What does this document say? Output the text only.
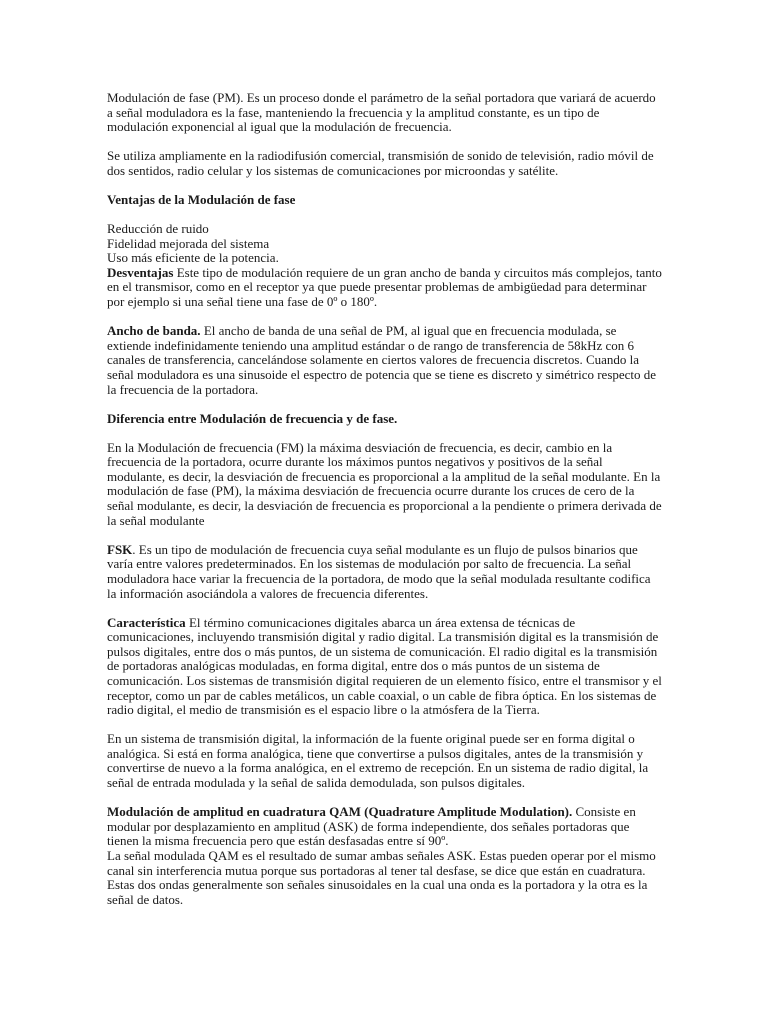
Modulación de fase (PM). Es un proceso donde el parámetro de la señal portadora que variará de acuerdo a señal moduladora es la fase, manteniendo la frecuencia y la amplitud constante, es un tipo de modulación exponencial al igual que la modulación de frecuencia.

Se utiliza ampliamente en la radiodifusión comercial, transmisión de sonido de televisión, radio móvil de dos sentidos, radio celular y los sistemas de comunicaciones por microondas y satélite.

Ventajas de la Modulación de fase

Reducción de ruido

Fidelidad mejorada del sistema

Uso más eficiente de la potencia.

Desventajas Este tipo de modulación requiere de un gran ancho de banda y circuitos más complejos, tanto en el transmisor, como en el receptor ya que puede presentar problemas de ambigüedad para determinar por ejemplo si una señal tiene una fase de 0º o 180º.

Ancho de banda. El ancho de banda de una señal de PM, al igual que en frecuencia modulada, se extiende indefinidamente teniendo una amplitud estándar o de rango de transferencia de 58kHz con 6 canales de transferencia, cancelándose solamente en ciertos valores de frecuencia discretos. Cuando la señal moduladora es una sinusoide el espectro de potencia que se tiene es discreto y simétrico respecto de la frecuencia de la portadora.

Diferencia entre Modulación de frecuencia y de fase.

En la Modulación de frecuencia (FM) la máxima desviación de frecuencia, es decir, cambio en la frecuencia de la portadora, ocurre durante los máximos puntos negativos y positivos de la señal modulante, es decir, la desviación de frecuencia es proporcional a la amplitud de la señal modulante. En la modulación de fase (PM), la máxima desviación de frecuencia ocurre durante los cruces de cero de la señal modulante, es decir, la desviación de frecuencia es proporcional a la pendiente o primera derivada de la señal modulante

FSK. Es un tipo de modulación de frecuencia cuya señal modulante es un flujo de pulsos binarios que varía entre valores predeterminados. En los sistemas de modulación por salto de frecuencia. La señal moduladora hace variar la frecuencia de la portadora, de modo que la señal modulada resultante codifica la información asociándola a valores de frecuencia diferentes.

Característica El término comunicaciones digitales abarca un área extensa de técnicas de comunicaciones, incluyendo transmisión digital y radio digital. La transmisión digital es la transmisión de pulsos digitales, entre dos o más puntos, de un sistema de comunicación. El radio digital es la transmisión de portadoras analógicas moduladas, en forma digital, entre dos o más puntos de un sistema de comunicación. Los sistemas de transmisión digital requieren de un elemento físico, entre el transmisor y el receptor, como un par de cables metálicos, un cable coaxial, o un cable de fibra óptica. En los sistemas de radio digital, el medio de transmisión es el espacio libre o la atmósfera de la Tierra.

En un sistema de transmisión digital, la información de la fuente original puede ser en forma digital o analógica. Si está en forma analógica, tiene que convertirse a pulsos digitales, antes de la transmisión y convertirse de nuevo a la forma analógica, en el extremo de recepción. En un sistema de radio digital, la señal de entrada modulada y la señal de salida demodulada, son pulsos digitales.

Modulación de amplitud en cuadratura QAM (Quadrature Amplitude Modulation). Consiste en modular por desplazamiento en amplitud (ASK) de forma independiente, dos señales portadoras que tienen la misma frecuencia pero que están desfasadas entre sí 90º.

La señal modulada QAM es el resultado de sumar ambas señales ASK. Estas pueden operar por el mismo canal sin interferencia mutua porque sus portadoras al tener tal desfase, se dice que están en cuadratura. Estas dos ondas generalmente son señales sinusoidales en la cual una onda es la portadora y la otra es la señal de datos.
